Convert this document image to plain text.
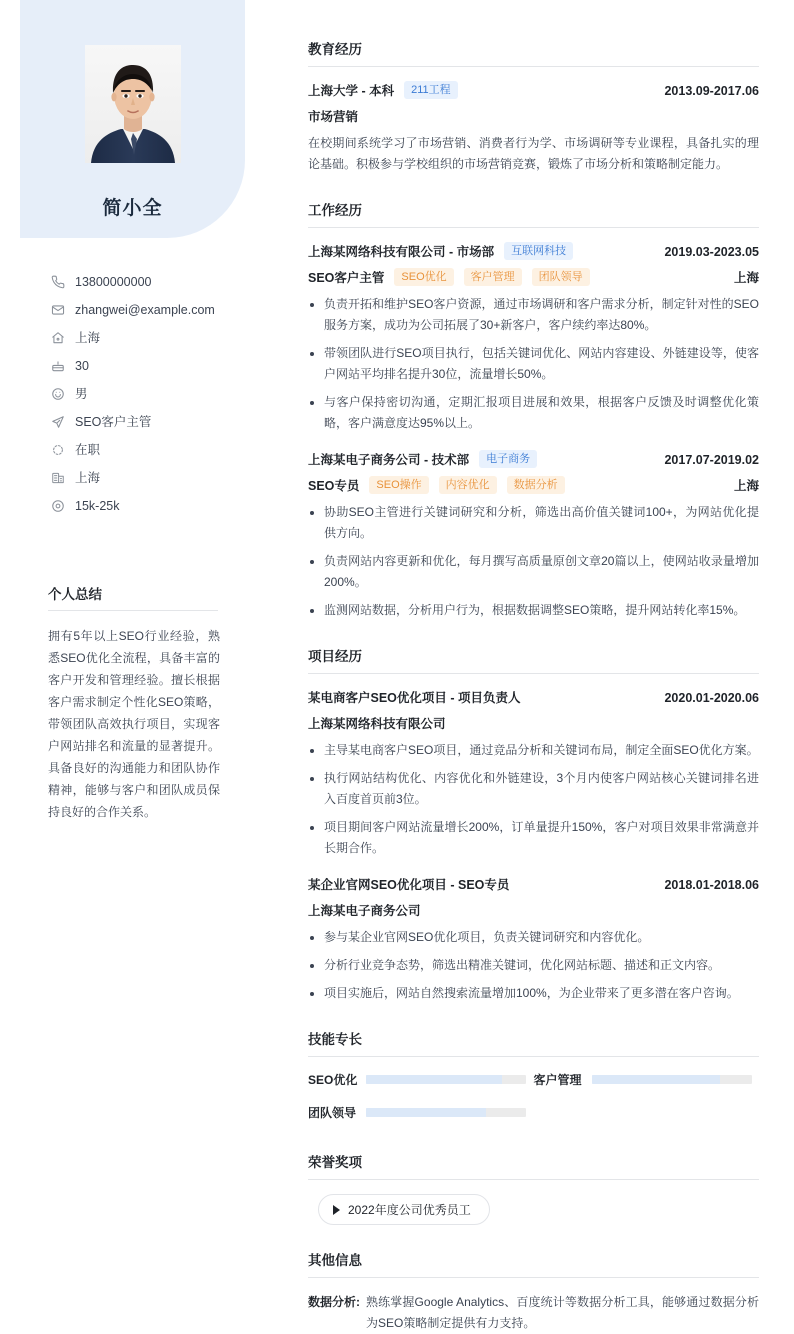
简小全
13800000000
zhangwei@example.com
上海
30
男
SEO客户主管
在职
上海
15k-25k
个人总结
拥有5年以上SEO行业经验，熟悉SEO优化全流程，具备丰富的客户开发和管理经验。擅长根据客户需求制定个性化SEO策略，带领团队高效执行项目，实现客户网站排名和流量的显著提升。具备良好的沟通能力和团队协作精神，能够与客户和团队成员保持良好的合作关系。
教育经历
上海大学 - 本科	211工程	2013.09-2017.06
市场营销
在校期间系统学习了市场营销、消费者行为学、市场调研等专业课程，具备扎实的理论基础。积极参与学校组织的市场营销竞赛，锻炼了市场分析和策略制定能力。
工作经历
上海某网络科技有限公司 - 市场部	互联网科技	2019.03-2023.05
SEO客户主管	SEO优化	客户管理	团队领导	上海
负责开拓和维护SEO客户资源，通过市场调研和客户需求分析，制定针对性的SEO服务方案，成功为公司拓展了30+新客户，客户续约率达80%。
带领团队进行SEO项目执行，包括关键词优化、网站内容建设、外链建设等，使客户网站平均排名提升30位，流量增长50%。
与客户保持密切沟通，定期汇报项目进展和效果，根据客户反馈及时调整优化策略，客户满意度达95%以上。
上海某电子商务公司 - 技术部	电子商务	2017.07-2019.02
SEO专员	SEO操作	内容优化	数据分析	上海
协助SEO主管进行关键词研究和分析，筛选出高价值关键词100+，为网站优化提供方向。
负责网站内容更新和优化，每月撰写高质量原创文章20篇以上，使网站收录量增加200%。
监测网站数据，分析用户行为，根据数据调整SEO策略，提升网站转化率15%。
项目经历
某电商客户SEO优化项目 - 项目负责人	2020.01-2020.06
上海某网络科技有限公司
主导某电商客户SEO项目，通过竞品分析和关键词布局，制定全面SEO优化方案。
执行网站结构优化、内容优化和外链建设，3个月内使客户网站核心关键词排名进入百度首页前3位。
项目期间客户网站流量增长200%，订单量提升150%，客户对项目效果非常满意并长期合作。
某企业官网SEO优化项目 - SEO专员	2018.01-2018.06
上海某电子商务公司
参与某企业官网SEO优化项目，负责关键词研究和内容优化。
分析行业竞争态势，筛选出精准关键词，优化网站标题、描述和正文内容。
项目实施后，网站自然搜索流量增加100%，为企业带来了更多潜在客户咨询。
技能专长
SEO优化	客户管理
团队领导
荣誉奖项
2022年度公司优秀员工
其他信息
数据分析: 熟练掌握Google Analytics、百度统计等数据分析工具，能够通过数据分析为SEO策略制定提供有力支持。
